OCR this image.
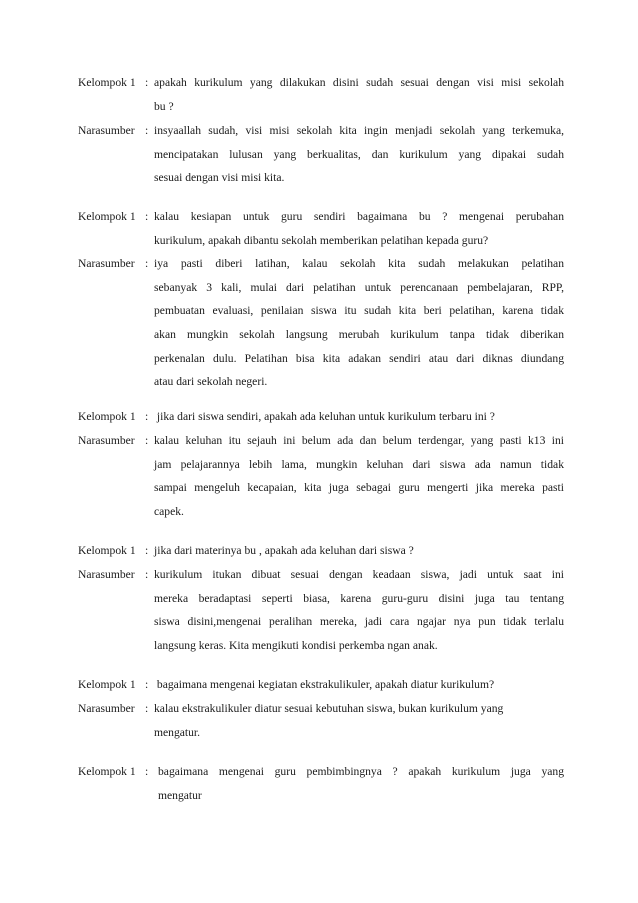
Kelompok 1 : apakah kurikulum yang dilakukan disini sudah sesuai dengan visi misi sekolah
bu ?
Narasumber : insyaallah sudah, visi misi sekolah kita ingin menjadi sekolah yang terkemuka,
mencipatakan lulusan yang berkualitas, dan kurikulum yang dipakai sudah
sesuai dengan visi misi kita.
Kelompok 1 : kalau kesiapan untuk guru sendiri bagaimana bu ? mengenai perubahan
kurikulum, apakah dibantu sekolah memberikan pelatihan kepada guru?
Narasumber : iya pasti diberi latihan, kalau sekolah kita sudah melakukan pelatihan
sebanyak 3 kali, mulai dari pelatihan untuk perencanaan pembelajaran, RPP,
pembuatan evaluasi, penilaian siswa itu sudah kita beri pelatihan, karena tidak
akan mungkin sekolah langsung merubah kurikulum tanpa tidak diberikan
perkenalan dulu. Pelatihan bisa kita adakan sendiri atau dari diknas diundang
atau dari sekolah negeri.
Kelompok 1 : jika dari siswa sendiri, apakah ada keluhan untuk kurikulum terbaru ini ?
Narasumber : kalau keluhan itu sejauh ini belum ada dan belum terdengar, yang pasti k13 ini
jam pelajarannya lebih lama, mungkin keluhan dari siswa ada namun tidak
sampai mengeluh kecapaian, kita juga sebagai guru mengerti jika mereka pasti
capek.
Kelompok 1 : jika dari materinya bu , apakah ada keluhan dari siswa ?
Narasumber : kurikulum itukan dibuat sesuai dengan keadaan siswa, jadi untuk saat ini
mereka beradaptasi seperti biasa, karena guru-guru disini juga tau tentang
siswa disini,mengenai peralihan mereka, jadi cara ngajar nya pun tidak terlalu
langsung keras. Kita mengikuti kondisi perkemba ngan anak.
Kelompok 1 : bagaimana mengenai kegiatan ekstrakulikuler, apakah diatur kurikulum?
Narasumber : kalau ekstrakulikuler diatur sesuai kebutuhan siswa, bukan kurikulum yang
mengatur.
Kelompok 1 : bagaimana mengenai guru pembimbingnya ? apakah kurikulum juga yang
mengatur
